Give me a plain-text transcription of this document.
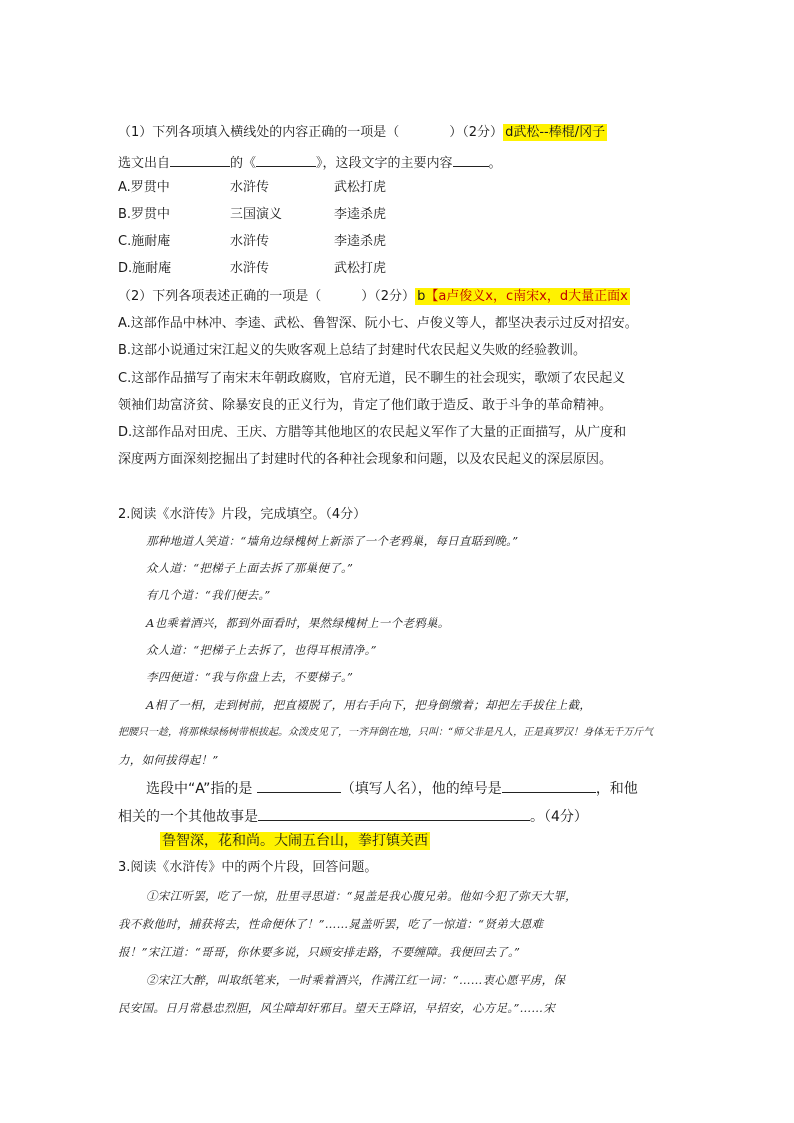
（1）下列各项填入横线处的内容正确的一项是（	）（2分） d武松--棒棍/冈子
选文出自	的《	》，这段文字的主要内容	。
A.罗贯中	水浒传	武松打虎
B.罗贯中	三国演义	李逵杀虎
C.施耐庵	水浒传	李逵杀虎
D.施耐庵	水浒传	武松打虎
（2）下列各项表述正确的一项是（	）（2分） b【a卢俊义x，c南宋x，d大量正面x
A.这部作品中林冲、李逵、武松、鲁智深、阮小七、卢俊义等人，都坚决表示过反对招安。
B.这部小说通过宋江起义的失败客观上总结了封建时代农民起义失败的经验教训。
C.这部作品描写了南宋末年朝政腐败，官府无道，民不聊生的社会现实，歌颂了农民起义
领袖们劫富济贫、除暴安良的正义行为，肯定了他们敢于造反、敢于斗争的革命精神。
D.这部作品对田虎、王庆、方腊等其他地区的农民起义军作了大量的正面描写，从广度和
深度两方面深刻挖掘出了封建时代的各种社会现象和问题，以及农民起义的深层原因。
2.阅读《水浒传》片段，完成填空。（4分）
那种地道人笑道：“墙角边绿槐树上新添了一个老鸦巢，每日直聒到晚。”
众人道：“把梯子上面去拆了那巢便了。”
有几个道：“我们便去。”
A也乘着酒兴，都到外面看时，果然绿槐树上一个老鸦巢。
众人道：“把梯子上去拆了，也得耳根清净。”
李四便道：“我与你盘上去，不要梯子。”
A相了一相，走到树前，把直裰脱了，用右手向下，把身倒缴着；却把左手拔住上截，
把腰只一趁，将那株绿杨树带根拔起。众泼皮见了，一齐拜倒在地，只叫：“师父非是凡人，正是真罗汉！身体无千万斤气
力，如何拔得起！”
选段中“A”指的是	（填写人名），他的绰号是	，和他
相关的一个其他故事是	。（4分）
鲁智深，花和尚。大闹五台山，拳打镇关西
3.阅读《水浒传》中的两个片段，回答问题。
①宋江听罢，吃了一惊，肚里寻思道：“晁盖是我心腹兄弟。他如今犯了弥天大罪，
我不救他时，捕获将去，性命便休了！”……晁盖听罢，吃了一惊道：“贤弟大恩难
报！”宋江道：“哥哥，你休要多说，只顾安排走路，不要缠障。我便回去了。”
②宋江大醉，叫取纸笔来，一时乘着酒兴，作满江红一词：“……衷心愿平虏，保
民安国。日月常悬忠烈胆，风尘障却奸邪目。望天王降诏，早招安，心方足。”……宋
